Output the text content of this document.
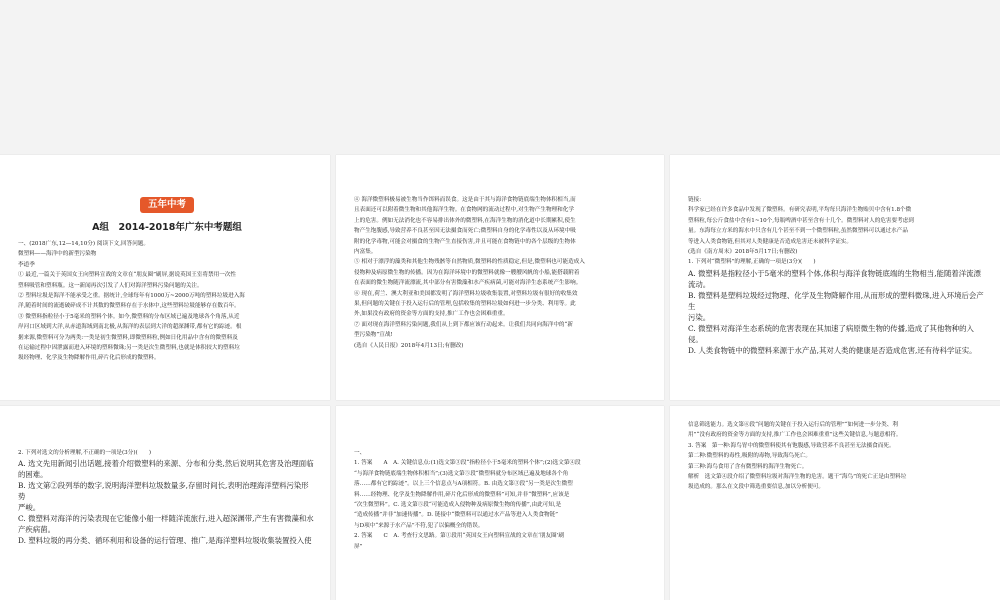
五年中考
A组　2014-2018年广东中考题组

一、(2018广东,12—14,10分) 阅读下文,回答问题。

微塑料——海洋中的新型污染物

李道季

① 最近,一篇关于英国女王向塑料宣战的文章在“朋友圈”刷屏,据说英国王室将禁用一次性

塑料吸管和塑料瓶。这一新闻再次引发了人们对海洋塑料污染问题的关注。

② 塑料垃圾是海洋不能承受之重。据统计,全球每年有1000万~2000万吨的塑料垃圾进入海

洋,随着时间的流逝破碎成不计其数的微塑料存在于水体中,这些塑料垃圾能够存在数百年。

③ 微塑料指粒径小于5毫米的塑料个体。如今,微塑料的分布区域已遍及地球各个角落,从近

岸河口区域到大洋,从赤道海域到南北极,从海洋的表层到大洋的超深渊带,都有它的踪迹。根

据来源,微塑料可分为两类:一类是初生微塑料,即微塑料粒,例如日化用品中含有的微塑料及

在运输过程中因泄露而进入环境的塑料微珠;另一类是次生微塑料,也就是体积较大的塑料垃

圾经物理、化学及生物降解作用,碎片化后形成的微塑料。

④ 海洋微塑料极易被生物当作饵料而误食。这是由于其与海洋食物链底端生物体积相当,而

且表面还可以附着微生物和其他海洋生物。在食物网的流动过程中,对生物产生物理和化学

上的危害。例如无法消化也不容易排出体外的微塑料,在海洋生物的消化道中长期累积,使生

物产生饱腹感,导致营养不良甚至因无法摄食而死亡;微塑料自身的化学毒性以及从环境中吸

附的化学毒物,可能会对摄食的生物产生直接伤害,并且可能在食物链中的各个层级的生物体

内富集。

⑤ 相对于漂浮的藻类和其他生物残骸等自然物质,微塑料的性质稳定,但是,微塑料也可能造成入

侵物种及病原微生物的传播。因为在海洋环境中的微塑料就像一艘艘风帆的小船,能搭载附着

在表面的微生物随洋流漂流,其中部分有害微藻和水产疾病菌,可能对海洋生态系统产生影响。

⑥ 现在,荷兰、澳大利亚和美国都发明了海洋塑料垃圾收集装置,对塑料垃圾有很好的收集效

果,但问题的关键在于投入运行后的管理,包括收集的塑料垃圾如何进一步分类、利用等。此

外,如果没有政府的资金等方面的支持,推广工作也会困难重重。

⑦ 面对现在海洋塑料污染问题,我们从上到下都应该行动起来。让我们共同向海洋中的“新

型污染物”宣战!

(选自《人民日报》2018年4月13日;有删改)

链接:

科学家已经在许多食品中发现了微塑料。有研究表明,平均每只海洋生物贻贝中含有1.8个微

塑料粒,每公斤食盐中含有1~10个,每瓶啤酒中甚至含有十几个。微塑料对人的危害要考虑到

量。东海每立方米的海水中只含有几个甚至不到一个微塑料粒,虽然微塑料可以通过水产品

等进入人类食物链,但其对人类健康是否造成危害还未被科学证实。

(选自《南方周末》2018年5月17日;有删改)

1. 下列对“微塑料”的理解,正确的一项是(3分)(　　)

A. 微塑料是指粒径小于5毫米的塑料个体,体积与海洋食物链底端的生物相当,能随着洋流漂流动。

B. 微塑料是塑料垃圾经过物理、化学及生物降解作用,从而形成的塑料微珠,进入环境后会产生

污染。

C. 微塑料对海洋生态系统的危害表现在其加速了病原微生物的传播,造成了其他物种的入

侵。

D. 人类食物链中的微塑料来源于水产品,其对人类的健康是否造成危害,还有待科学证实。

2. 下列对选文的分析理解,不正确的一项是(3分)(　　)

A. 选文先用新闻引出话题,接着介绍微塑料的来源、分布和分类,然后说明其危害及治理面临

的困难。

B. 选文第②段列举的数字,说明海洋塑料垃圾数量多,存留时间长,表明治理海洋塑料污染形势

严峻。

C. 微塑料对海洋的污染表现在它能像小船一样随洋流旅行,进入超深渊带,产生有害微藻和水

产疾病菌。

D. 塑料垃圾的再分类、循环利用和设备的运行管理、推广,是海洋塑料垃圾收集装置投入使

一、

1. 答案　　A　A. 关键信息点:(1)选文第③段“指粒径小于5毫米的塑料个体”;(2)选文第④段

“与海洋食物链底端生物体积相当”;(3)选文第⑤段“微塑料就分布区域已遍及地球各个角

落……都有它的踪迹”。以上三个信息点与A项相符。B. 由选文第③段“另一类是次生微塑

料……经物理、化学及生物降解作用,碎片化后形成的微塑料”可知,并非“微塑料”,应该是

“次生微塑料”。C. 选文第⑤段“可能造成入侵物种及病原微生物的传播”,由此可知,是

“造成传播”并非“加速传播”。D. 链接中“微塑料可以通过水产品等进入人类食物链”

与D项中“来源于水产品”不符,犯了以偏概全的错误。

2. 答案　　C　A. 考查行文思路。第①段用“英国女王向塑料宣战的文章在‘朋友圈’刷

屏”

信息筛选能力。选文第⑥段“问题的关键在于投入运行后的管理”“如何进一步分类、利

用”“没有政府的资金等方面的支持,推广工作也会困难重重”这些关键信息,与题意相符。

3. 答案　第一种:海鸟胃中的微塑料使其有饱腹感,导致营养不良甚至无法摄食而死。

第二种:微塑料的毒性,吸附的毒物,导致海鸟死亡。

第三种:海鸟食用了含有微塑料的海洋生物死亡。

解析　选文第④段介绍了微塑料垃圾对海洋生物的危害。题干“海鸟”的死亡正是由塑料垃

圾造成的。那么在文段中筛选重要信息,加以分析便可。
